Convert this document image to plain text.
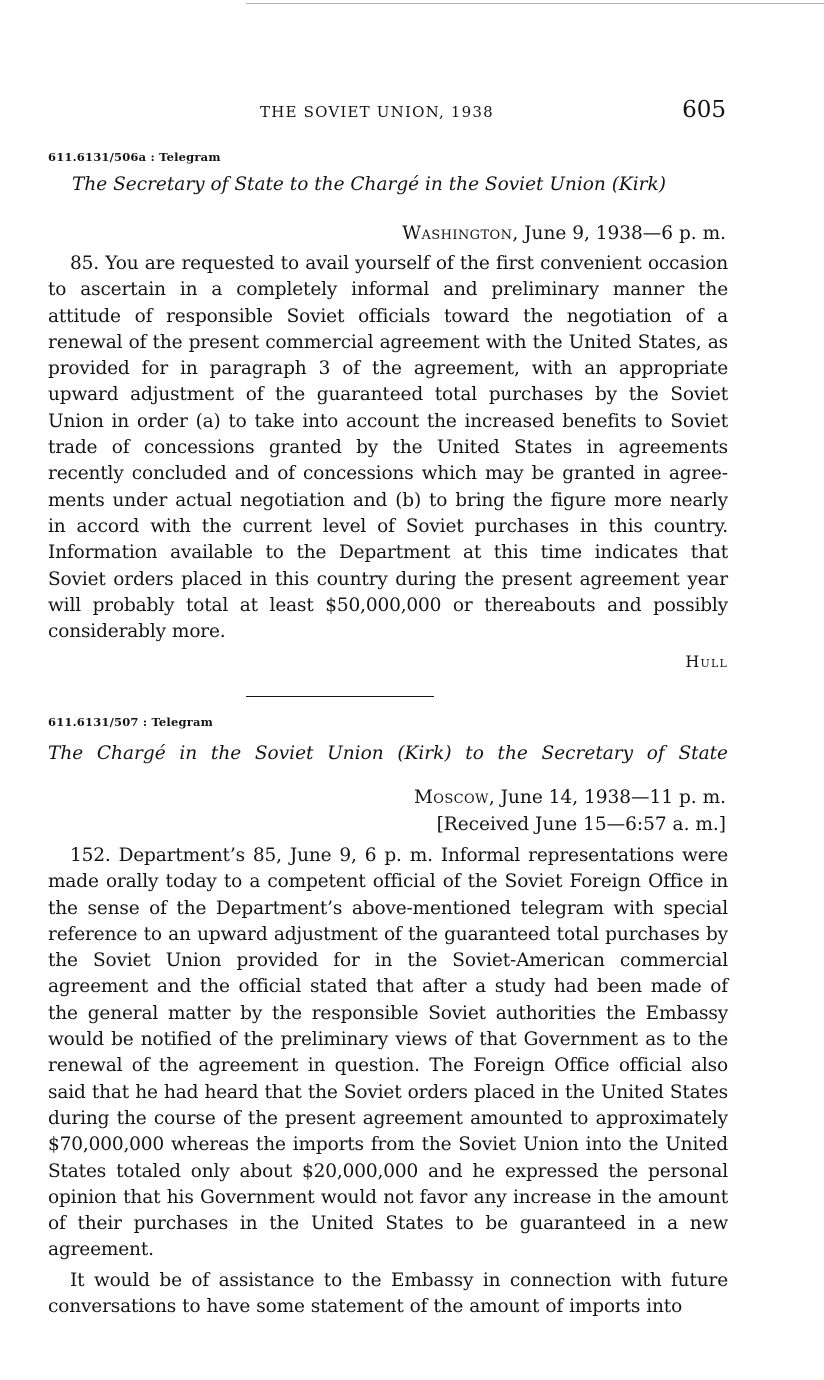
THE SOVIET UNION, 1938	605
611.6131/506a : Telegram
The Secretary of State to the Chargé in the Soviet Union (Kirk)
Washington, June 9, 1938—6 p. m.

85. You are requested to avail yourself of the first convenient occasion to ascertain in a completely informal and preliminary manner the attitude of responsible Soviet officials toward the negotiation of a renewal of the present commercial agreement with the United States, as provided for in paragraph 3 of the agreement, with an appropriate upward adjustment of the guaranteed total purchases by the Soviet Union in order (a) to take into account the increased benefits to Soviet trade of concessions granted by the United States in agreements recently concluded and of concessions which may be granted in agreements under actual negotiation and (b) to bring the figure more nearly in accord with the current level of Soviet purchases in this country. Information available to the Department at this time indicates that Soviet orders placed in this country during the present agreement year will probably total at least $50,000,000 or thereabouts and possibly considerably more.

Hull
611.6131/507 : Telegram
The Chargé in the Soviet Union (Kirk) to the Secretary of State
Moscow, June 14, 1938—11 p. m.
[Received June 15—6:57 a. m.]

152. Department’s 85, June 9, 6 p. m. Informal representations were made orally today to a competent official of the Soviet Foreign Office in the sense of the Department’s above-mentioned telegram with special reference to an upward adjustment of the guaranteed total purchases by the Soviet Union provided for in the Soviet-American commercial agreement and the official stated that after a study had been made of the general matter by the responsible Soviet authorities the Embassy would be notified of the preliminary views of that Government as to the renewal of the agreement in question. The Foreign Office official also said that he had heard that the Soviet orders placed in the United States during the course of the present agreement amounted to approximately $70,000,000 whereas the imports from the Soviet Union into the United States totaled only about $20,000,000 and he expressed the personal opinion that his Government would not favor any increase in the amount of their purchases in the United States to be guaranteed in a new agreement.

It would be of assistance to the Embassy in connection with future conversations to have some statement of the amount of imports into
